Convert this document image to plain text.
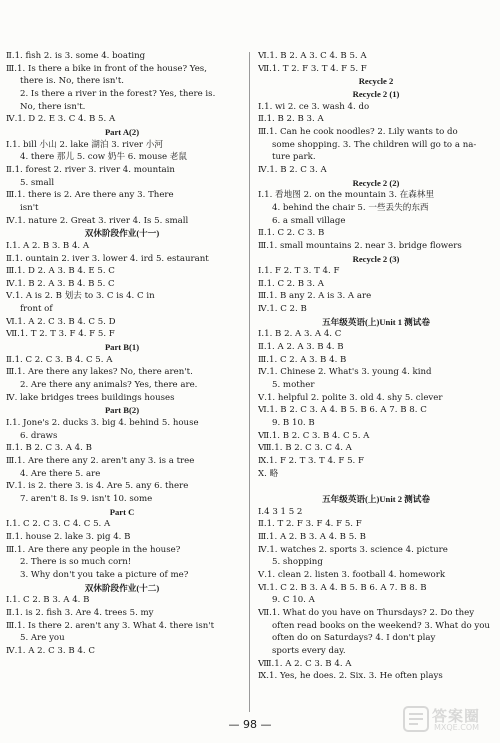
Ⅱ.1. fish 2. is 3. some 4. boating
Ⅲ.1. Is there a bike in front of the house? Yes,
there is. No, there isn't.
2. Is there a river in the forest? Yes, there is.
No, there isn't.
Ⅳ.1. D 2. E 3. C 4. B 5. A
Part A(2)
Ⅰ.1. bill 小山 2. lake 湖泊 3. river 小河
4. there 那儿 5. cow 奶牛 6. mouse 老鼠
Ⅱ.1. forest 2. river 3. river 4. mountain
5. small
Ⅲ.1. there is 2. Are there any 3. There
isn't
Ⅳ.1. nature 2. Great 3. river 4. Is 5. small
双休阶段作业(十一)
Ⅰ.1. A 2. B 3. B 4. A
Ⅱ.1. ountain 2. iver 3. lower 4. ird 5. estaurant
Ⅲ.1. D 2. A 3. B 4. E 5. C
Ⅳ.1. B 2. A 3. B 4. B 5. C
Ⅴ.1. A is 2. B 划去 to 3. C is 4. C in
front of
Ⅵ.1. A 2. C 3. B 4. C 5. D
Ⅶ.1. T 2. T 3. F 4. F 5. F
Part B(1)
Ⅱ.1. C 2. C 3. B 4. C 5. A
Ⅲ.1. Are there any lakes? No, there aren't.
2. Are there any animals? Yes, there are.
Ⅳ. lake bridges trees buildings houses
Part B(2)
Ⅰ.1. Jone's 2. ducks 3. big 4. behind 5. house
6. draws
Ⅱ.1. B 2. C 3. A 4. B
Ⅲ.1. Are there any 2. aren't any 3. is a tree
4. Are there 5. are
Ⅳ.1. is 2. there 3. is 4. Are 5. any 6. there
7. aren't 8. Is 9. isn't 10. some
Part C
Ⅰ.1. C 2. C 3. C 4. C 5. A
Ⅱ.1. house 2. lake 3. pig 4. B
Ⅲ.1. Are there any people in the house?
2. There is so much corn!
3. Why don't you take a picture of me?
双休阶段作业(十二)
Ⅰ.1. C 2. B 3. A 4. B
Ⅱ.1. is 2. fish 3. Are 4. trees 5. my
Ⅲ.1. Is there 2. aren't any 3. What 4. there isn't
5. Are you
Ⅳ.1. A 2. C 3. B 4. C
Ⅵ.1. B 2. A 3. C 4. B 5. A
Ⅶ.1. T 2. F 3. T 4. F 5. F
Recycle 2
Recycle 2 (1)
Ⅰ.1. wi 2. ce 3. wash 4. do
Ⅱ.1. B 2. B 3. A
Ⅲ.1. Can he cook noodles? 2. Lily wants to do
some shopping. 3. The children will go to a na-
ture park.
Ⅳ.1. B 2. C 3. A
Recycle 2 (2)
Ⅰ.1. 看地图 2. on the mountain 3. 在森林里
4. behind the chair 5. 一些丢失的东西
6. a small village
Ⅱ.1. C 2. C 3. B
Ⅲ.1. small mountains 2. near 3. bridge flowers
Recycle 2 (3)
Ⅰ.1. F 2. T 3. T 4. F
Ⅱ.1. C 2. B 3. A
Ⅲ.1. B any 2. A is 3. A are
Ⅳ.1. C 2. B
五年级英语(上)Unit 1 测试卷
Ⅰ.1. B 2. A 3. A 4. C
Ⅱ.1. A 2. A 3. B 4. B
Ⅲ.1. C 2. A 3. B 4. B
Ⅳ.1. Chinese 2. What's 3. young 4. kind
5. mother
Ⅴ.1. helpful 2. polite 3. old 4. shy 5. clever
Ⅵ.1. B 2. C 3. A 4. B 5. B 6. A 7. B 8. C
9. B 10. B
Ⅶ.1. B 2. C 3. B 4. C 5. A
Ⅷ.1. B 2. C 3. C 4. A
Ⅸ.1. F 2. T 3. T 4. F 5. F
Ⅹ. 略

五年级英语(上)Unit 2 测试卷
Ⅰ.4 3 1 5 2
Ⅱ.1. T 2. F 3. F 4. F 5. F
Ⅲ.1. A 2. B 3. A 4. B 5. B
Ⅳ.1. watches 2. sports 3. science 4. picture
5. shopping
Ⅴ.1. clean 2. listen 3. football 4. homework
Ⅵ.1. C 2. B 3. A 4. B 5. B 6. A 7. B 8. B
9. C 10. A
Ⅶ.1. What do you have on Thursdays? 2. Do they
often read books on the weekend? 3. What do you
often do on Saturdays? 4. I don't play
sports every day.
Ⅷ.1. A 2. C 3. B 4. A
Ⅸ.1. Yes, he does. 2. Six. 3. He often plays
— 98 —	答案圈
MXQE.COM
